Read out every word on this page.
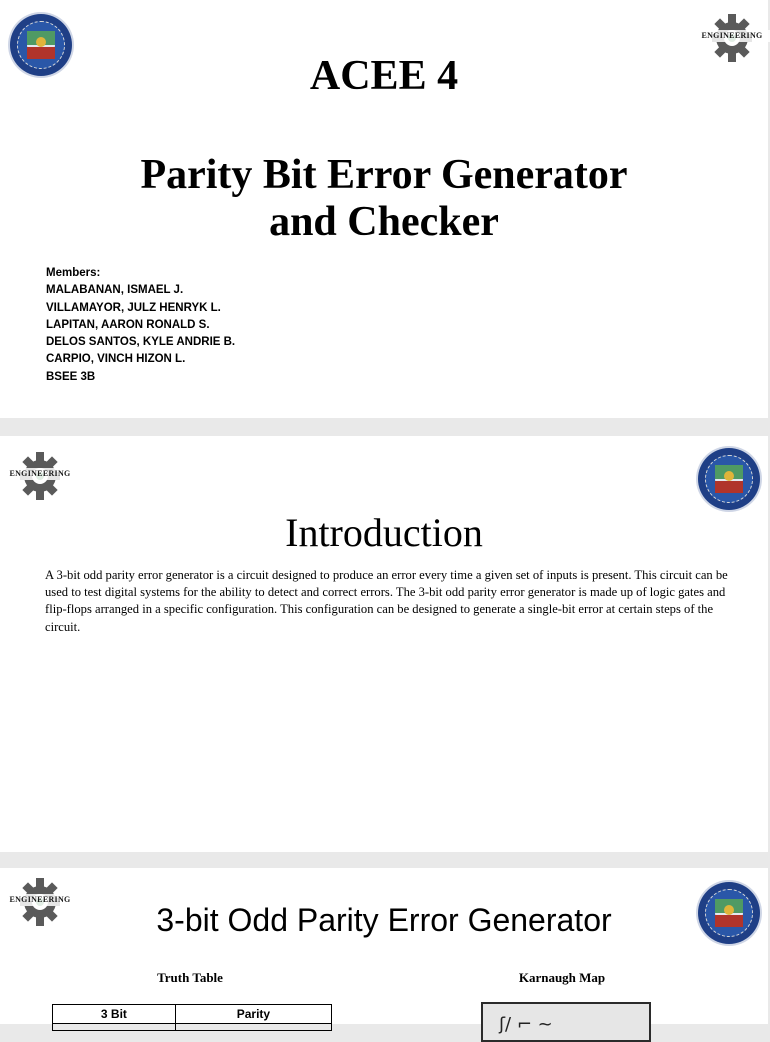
ENGINEERING
ACEE 4
Parity Bit Error Generator
and Checker
Members:
MALABANAN, ISMAEL J.
VILLAMAYOR, JULZ HENRYK L.
LAPITAN, AARON RONALD S.
DELOS SANTOS, KYLE ANDRIE B.
CARPIO, VINCH HIZON L.
BSEE 3B
ENGINEERING
Introduction

A 3-bit odd parity error generator is a circuit designed to produce an error every time a given set of inputs is present. This circuit can be used to test digital systems for the ability to detect and correct errors. The 3-bit odd parity error generator is made up of logic gates and flip-flops arranged in a specific configuration. This configuration can be designed to generate a single-bit error at certain steps of the circuit.

ENGINEERING
3-bit Odd Parity Error Generator
Truth Table	Karnaugh Map
3 Bit	Parity
		ʃ/ ⌐ ~
